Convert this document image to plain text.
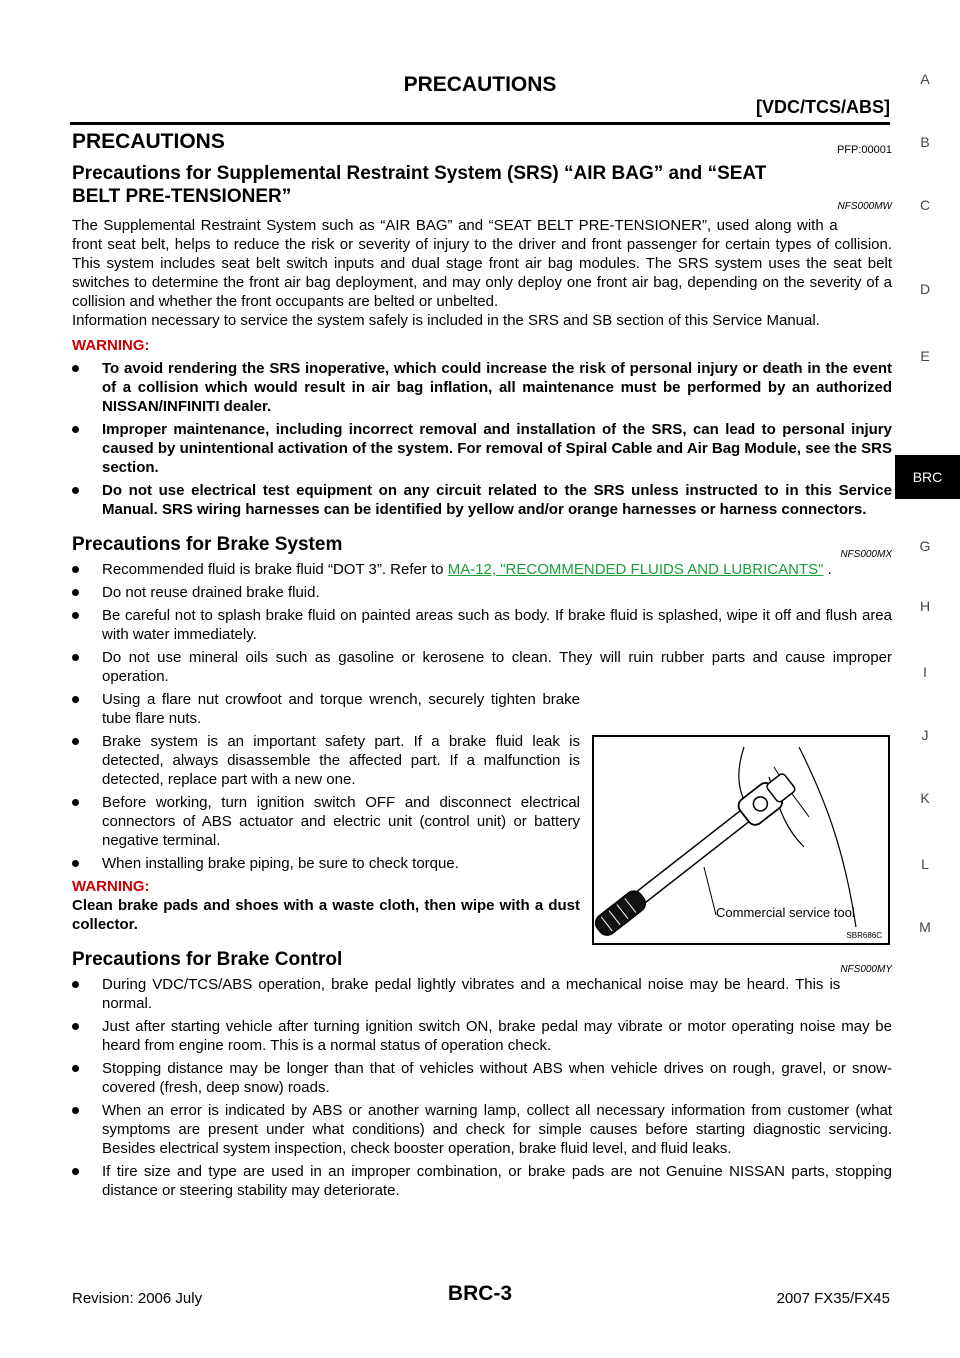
PRECAUTIONS
[VDC/TCS/ABS]
A
B
C
D
E
G
H
I
J
K
L
M
BRC
PRECAUTIONS	PFP:00001
Precautions for Supplemental Restraint System (SRS) “AIR BAG” and “SEAT
BELT PRE-TENSIONER”	NFS000MW

The Supplemental Restraint System such as “AIR BAG” and “SEAT BELT PRE-TENSIONER”, used along with a front seat belt, helps to reduce the risk or severity of injury to the driver and front passenger for certain types of collision. This system includes seat belt switch inputs and dual stage front air bag modules. The SRS system uses the seat belt switches to determine the front air bag deployment, and may only deploy one front air bag, depending on the severity of a collision and whether the front occupants are belted or unbelted.

Information necessary to service the system safely is included in the SRS and SB section of this Service Manual.

WARNING:
To avoid rendering the SRS inoperative, which could increase the risk of personal injury or death in the event of a collision which would result in air bag inflation, all maintenance must be performed by an authorized NISSAN/INFINITI dealer.
Improper maintenance, including incorrect removal and installation of the SRS, can lead to personal injury caused by unintentional activation of the system. For removal of Spiral Cable and Air Bag Module, see the SRS section.
Do not use electrical test equipment on any circuit related to the SRS unless instructed to in this Service Manual. SRS wiring harnesses can be identified by yellow and/or orange harnesses or harness connectors.
Precautions for Brake System	NFS000MX
Recommended fluid is brake fluid “DOT 3”. Refer to MA-12, "RECOMMENDED FLUIDS AND LUBRICANTS" .
Do not reuse drained brake fluid.
Be careful not to splash brake fluid on painted areas such as body. If brake fluid is splashed, wipe it off and flush area with water immediately.
Do not use mineral oils such as gasoline or kerosene to clean. They will ruin rubber parts and cause improper operation.
Using a flare nut crowfoot and torque wrench, securely tighten brake tube flare nuts.
Brake system is an important safety part. If a brake fluid leak is detected, always disassemble the affected part. If a malfunction is detected, replace part with a new one.
Before working, turn ignition switch OFF and disconnect electrical connectors of ABS actuator and electric unit (control unit) or battery negative terminal.
When installing brake piping, be sure to check torque.
WARNING:

Clean brake pads and shoes with a waste cloth, then wipe with a dust collector.

Precautions for Brake Control	NFS000MY
During VDC/TCS/ABS operation, brake pedal lightly vibrates and a mechanical noise may be heard. This is normal.
Just after starting vehicle after turning ignition switch ON, brake pedal may vibrate or motor operating noise may be heard from engine room. This is a normal status of operation check.
Stopping distance may be longer than that of vehicles without ABS when vehicle drives on rough, gravel, or snow-covered (fresh, deep snow) roads.
When an error is indicated by ABS or another warning lamp, collect all necessary information from customer (what symptoms are present under what conditions) and check for simple causes before starting diagnostic servicing. Besides electrical system inspection, check booster operation, brake fluid level, and fluid leaks.
If tire size and type are used in an improper combination, or brake pads are not Genuine NISSAN parts, stopping distance or steering stability may deteriorate.
Commercial service tool
SBR686C
Revision: 2006 July	BRC-3	2007 FX35/FX45
